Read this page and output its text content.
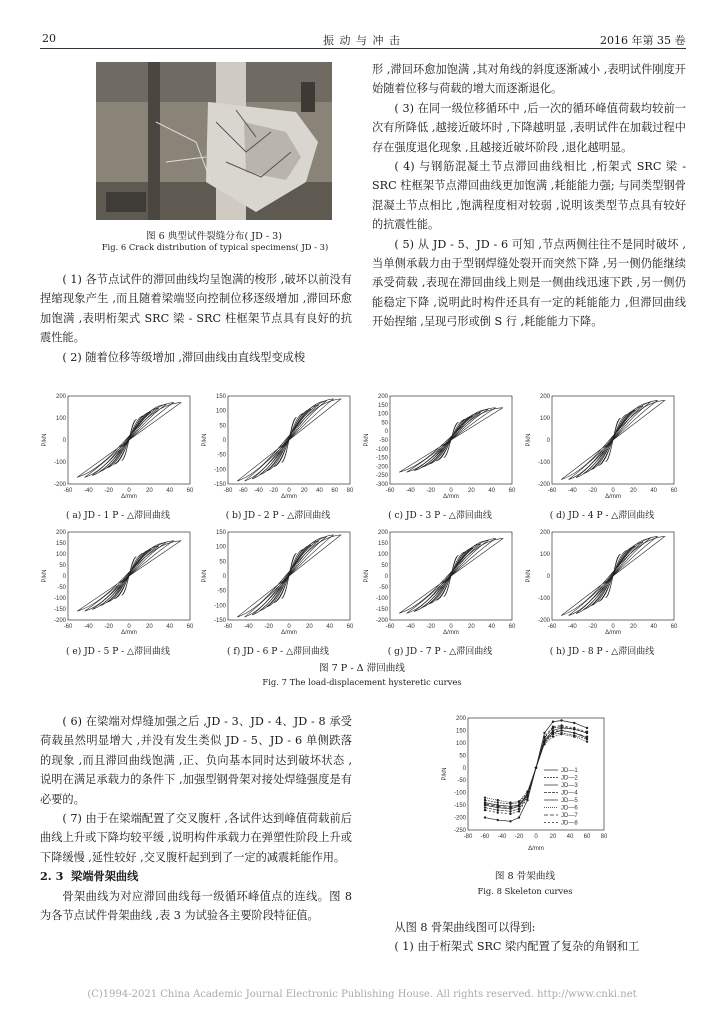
20	振 动 与 冲 击	2016 年第 35 卷
图 6 典型试件裂缝分布( JD - 3)
Fig. 6 Crack distribution of typical specimens( JD - 3)

( 1) 各节点试件的滞回曲线均呈饱满的梭形 ,破坏以前没有捏缩现象产生 ,而且随着梁端竖向控制位移逐级增加 ,滞回环愈加饱满 ,表明桁架式 SRC 梁 - SRC 柱框架节点具有良好的抗震性能。

( 2) 随着位移等级增加 ,滞回曲线由直线型变成梭

形 ,滞回环愈加饱满 ,其对角线的斜度逐渐减小 ,表明试件刚度开始随着位移与荷载的增大而逐渐退化。

( 3) 在同一级位移循环中 ,后一次的循环峰值荷载均较前一次有所降低 ,越接近破坏时 ,下降越明显 ,表明试件在加载过程中存在强度退化现象 ,且越接近破坏阶段 ,退化越明显。

( 4) 与钢筋混凝土节点滞回曲线相比 ,桁架式 SRC 梁 - SRC 柱框架节点滞回曲线更加饱满 ,耗能能力强; 与同类型钢骨混凝土节点相比 ,饱满程度相对较弱 ,说明该类型节点具有较好的抗震性能。

( 5) 从 JD - 5、JD - 6 可知 ,节点两侧往往不是同时破坏 ,当单侧承载力由于型钢焊缝处裂开而突然下降 ,另一侧仍能继续承受荷载 ,表现在滞回曲线上则是一侧曲线迅速下跌 ,另一侧仍能稳定下降 ,说明此时构件还具有一定的耗能能力 ,但滞回曲线开始捏缩 ,呈现弓形或倒 S 行 ,耗能能力下降。

200
100
0
-100
-200
-60 -40 -20 0	20 40 60
P/kN
Δ/mm
( a) JD - 1 P - △滞回曲线
150
100
50
0
-50
-100
-150
-80 -60 -40 -20 0 20 40 60 80
P/kN
Δ/mm
( b) JD - 2 P - △滞回曲线
200
150
100
50
0
-50
-100
-150
-200
-250
-300
-60 -40 -20 0	20 40 60
P/kN
Δ/mm
( c) JD - 3 P - △滞回曲线
200
100
0
-100
-200
-60 -40 -20 0	20 40 60
P/kN
Δ/mm
( d) JD - 4 P - △滞回曲线
200
150
100
50
0
-50
-100
-150
-200
-60 -40 -20 0	20 40 60
P/kN
Δ/mm
( e) JD - 5 P - △滞回曲线
150
100
50
0
-50
-100
-150
-60 -40 -20 0	20 40 60
P/kN
Δ/mm
( f) JD - 6 P - △滞回曲线
200
150
100
50
0
-50
-100
-150
-200
-60 -40 -20 0	20 40 60
P/kN
Δ/mm
( g) JD - 7 P - △滞回曲线
200
100
0
-100
-200
-60 -40 -20 0	20 40 60
P/kN
Δ/mm
( h) JD - 8 P - △滞回曲线
图 7 P - Δ 滞回曲线
Fig. 7 The load-displacement hysteretic curves

( 6) 在梁端对焊缝加强之后 ,JD - 3、JD - 4、JD - 8 承受荷载虽然明显增大 ,并没有发生类似 JD - 5、JD - 6 单侧跌落的现象 ,而且滞回曲线饱满 ,正、负向基本同时达到破坏状态 ,说明在满足承载力的条件下 ,加强型钢骨架对接处焊缝强度是有必要的。

( 7) 由于在梁端配置了交叉腹杆 ,各试件达到峰值荷载前后曲线上升或下降均较平缓 ,说明构件承载力在弹塑性阶段上升或下降缓慢 ,延性较好 ,交叉腹杆起到到了一定的减震耗能作用。

2. 3 梁端骨架曲线

骨架曲线为对应滞回曲线每一级循环峰值点的连线。图 8 为各节点试件骨架曲线 ,表 3 为试验各主要阶段特征值。

200
150
100
50
0
-50
-100
-150
-200
-250
-80 -60 -40 -20 0 20 40 60 80
P/kN
Δ/mm
JD—1
JD—2
JD—3
JD—4
JD—5
JD—6
JD—7
JD—8
图 8 骨架曲线
Fig. 8 Skeleton curves

从图 8 骨架曲线图可以得到:

( 1) 由于桁架式 SRC 梁内配置了复杂的角钢和工

(C)1994-2021 China Academic Journal Electronic Publishing House. All rights reserved. http://www.cnki.net
